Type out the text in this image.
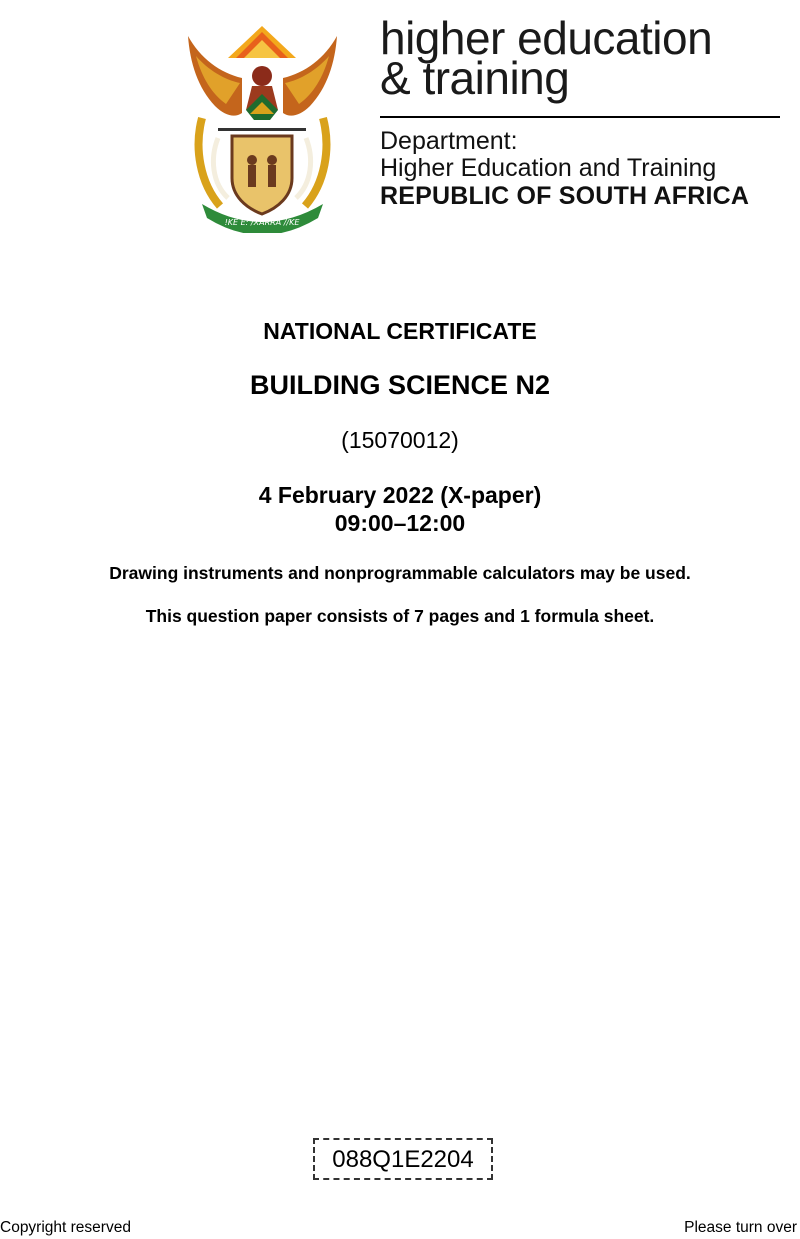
!KE E: /XARRA //KE
higher education
& training
Department:
Higher Education and Training
REPUBLIC OF SOUTH AFRICA
NATIONAL CERTIFICATE
BUILDING SCIENCE N2
(15070012)
4 February 2022 (X-paper)
09:00–12:00
Drawing instruments and nonprogrammable calculators may be used.
This question paper consists of 7 pages and 1 formula sheet.
088Q1E2204
Copyright reserved	Please turn over
